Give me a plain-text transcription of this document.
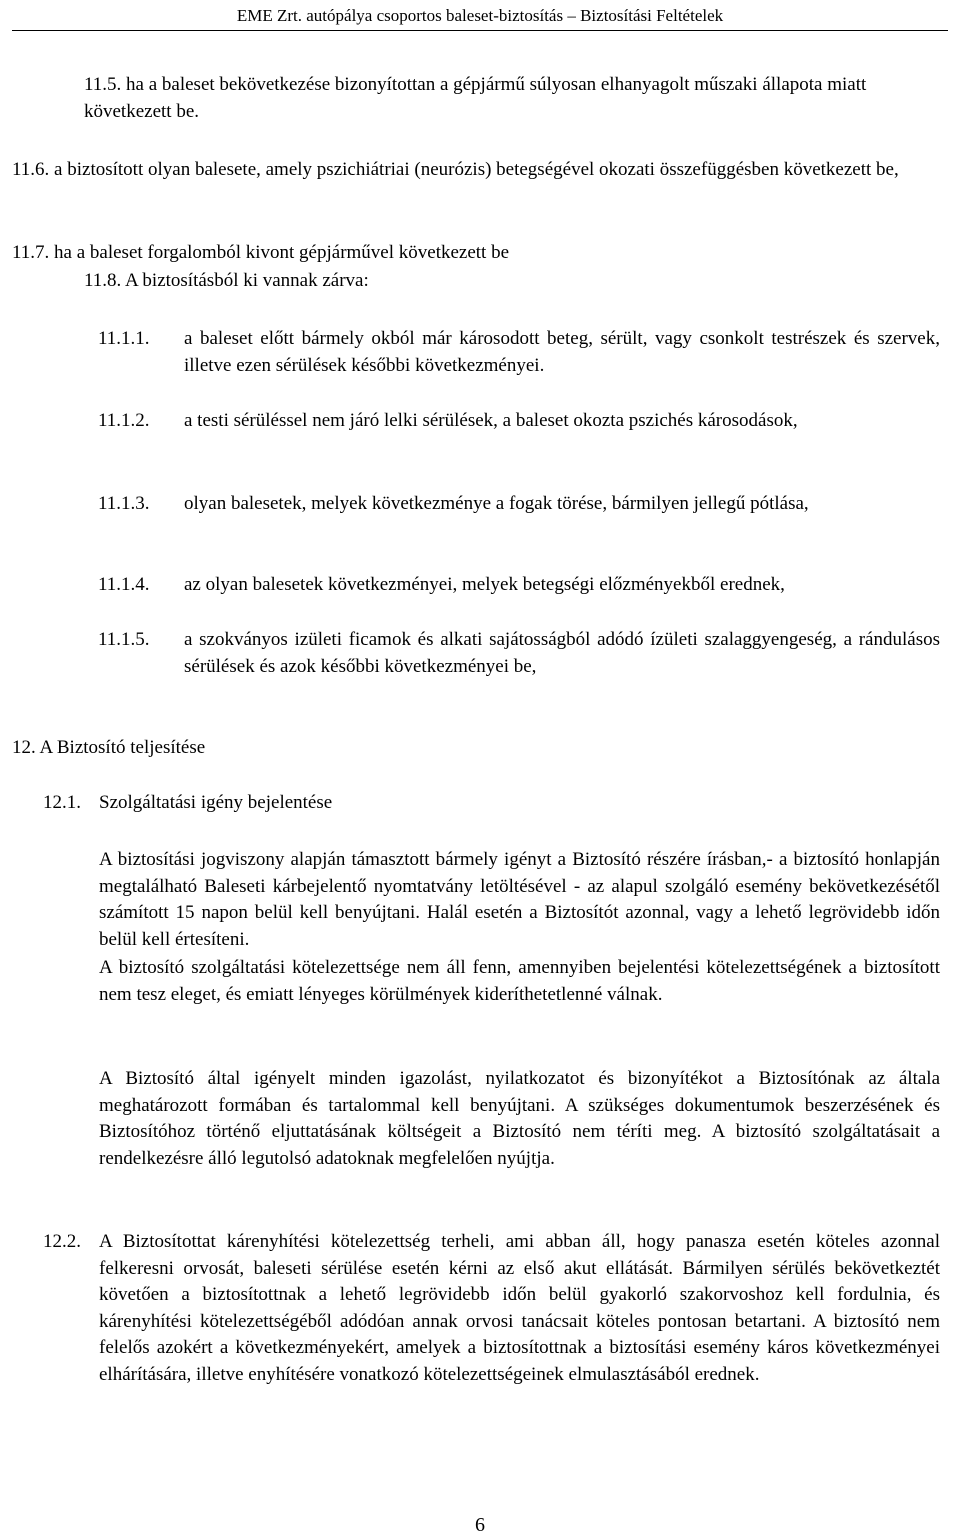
EME Zrt. autópálya csoportos baleset-biztosítás – Biztosítási Feltételek
11.5. ha a baleset bekövetkezése bizonyítottan a gépjármű súlyosan elhanyagolt műszaki állapota miatt következett be.
11.6. a biztosított olyan balesete, amely pszichiátriai (neurózis) betegségével okozati összefüggésben következett be,
11.7. ha a baleset forgalomból kivont gépjárművel következett be
11.8. A biztosításból ki vannak zárva:
11.1.1. a baleset előtt bármely okból már károsodott beteg, sérült, vagy csonkolt testrészek és szervek, illetve ezen sérülések későbbi következményei.
11.1.2. a testi sérüléssel nem járó lelki sérülések, a baleset okozta pszichés károsodások,
11.1.3. olyan balesetek, melyek következménye a fogak törése, bármilyen jellegű pótlása,
11.1.4. az olyan balesetek következményei, melyek betegségi előzményekből erednek,
11.1.5. a szokványos izületi ficamok és alkati sajátosságból adódó ízületi szalaggyengeség, a rándulásos sérülések és azok későbbi következményei be,
12. A Biztosító teljesítése
12.1. Szolgáltatási igény bejelentése
A biztosítási jogviszony alapján támasztott bármely igényt a Biztosító részére írásban,- a biztosító honlapján megtalálható Baleseti kárbejelentő nyomtatvány letöltésével - az alapul szolgáló esemény bekövetkezésétől számított 15 napon belül kell benyújtani. Halál esetén a Biztosítót azonnal, vagy a lehető legrövidebb időn belül kell értesíteni.
A biztosító szolgáltatási kötelezettsége nem áll fenn, amennyiben bejelentési kötelezettségének a biztosított nem tesz eleget, és emiatt lényeges körülmények kideríthetetlenné válnak.
A Biztosító által igényelt minden igazolást, nyilatkozatot és bizonyítékot a Biztosítónak az általa meghatározott formában és tartalommal kell benyújtani. A szükséges dokumentumok beszerzésének és Biztosítóhoz történő eljuttatásának költségeit a Biztosító nem téríti meg. A biztosító szolgáltatásait a rendelkezésre álló legutolsó adatoknak megfelelően nyújtja.
12.2. A Biztosítottat kárenyhítési kötelezettség terheli, ami abban áll, hogy panasza esetén köteles azonnal felkeresni orvosát, baleseti sérülése esetén kérni az első akut ellátását. Bármilyen sérülés bekövetkeztét követően a biztosítottnak a lehető legrövidebb időn belül gyakorló szakorvoshoz kell fordulnia, és kárenyhítési kötelezettségéből adódóan annak orvosi tanácsait köteles pontosan betartani. A biztosító nem felelős azokért a következményekért, amelyek a biztosítottnak a biztosítási esemény káros következményei elhárítására, illetve enyhítésére vonatkozó kötelezettségeinek elmulasztásából erednek.
6
